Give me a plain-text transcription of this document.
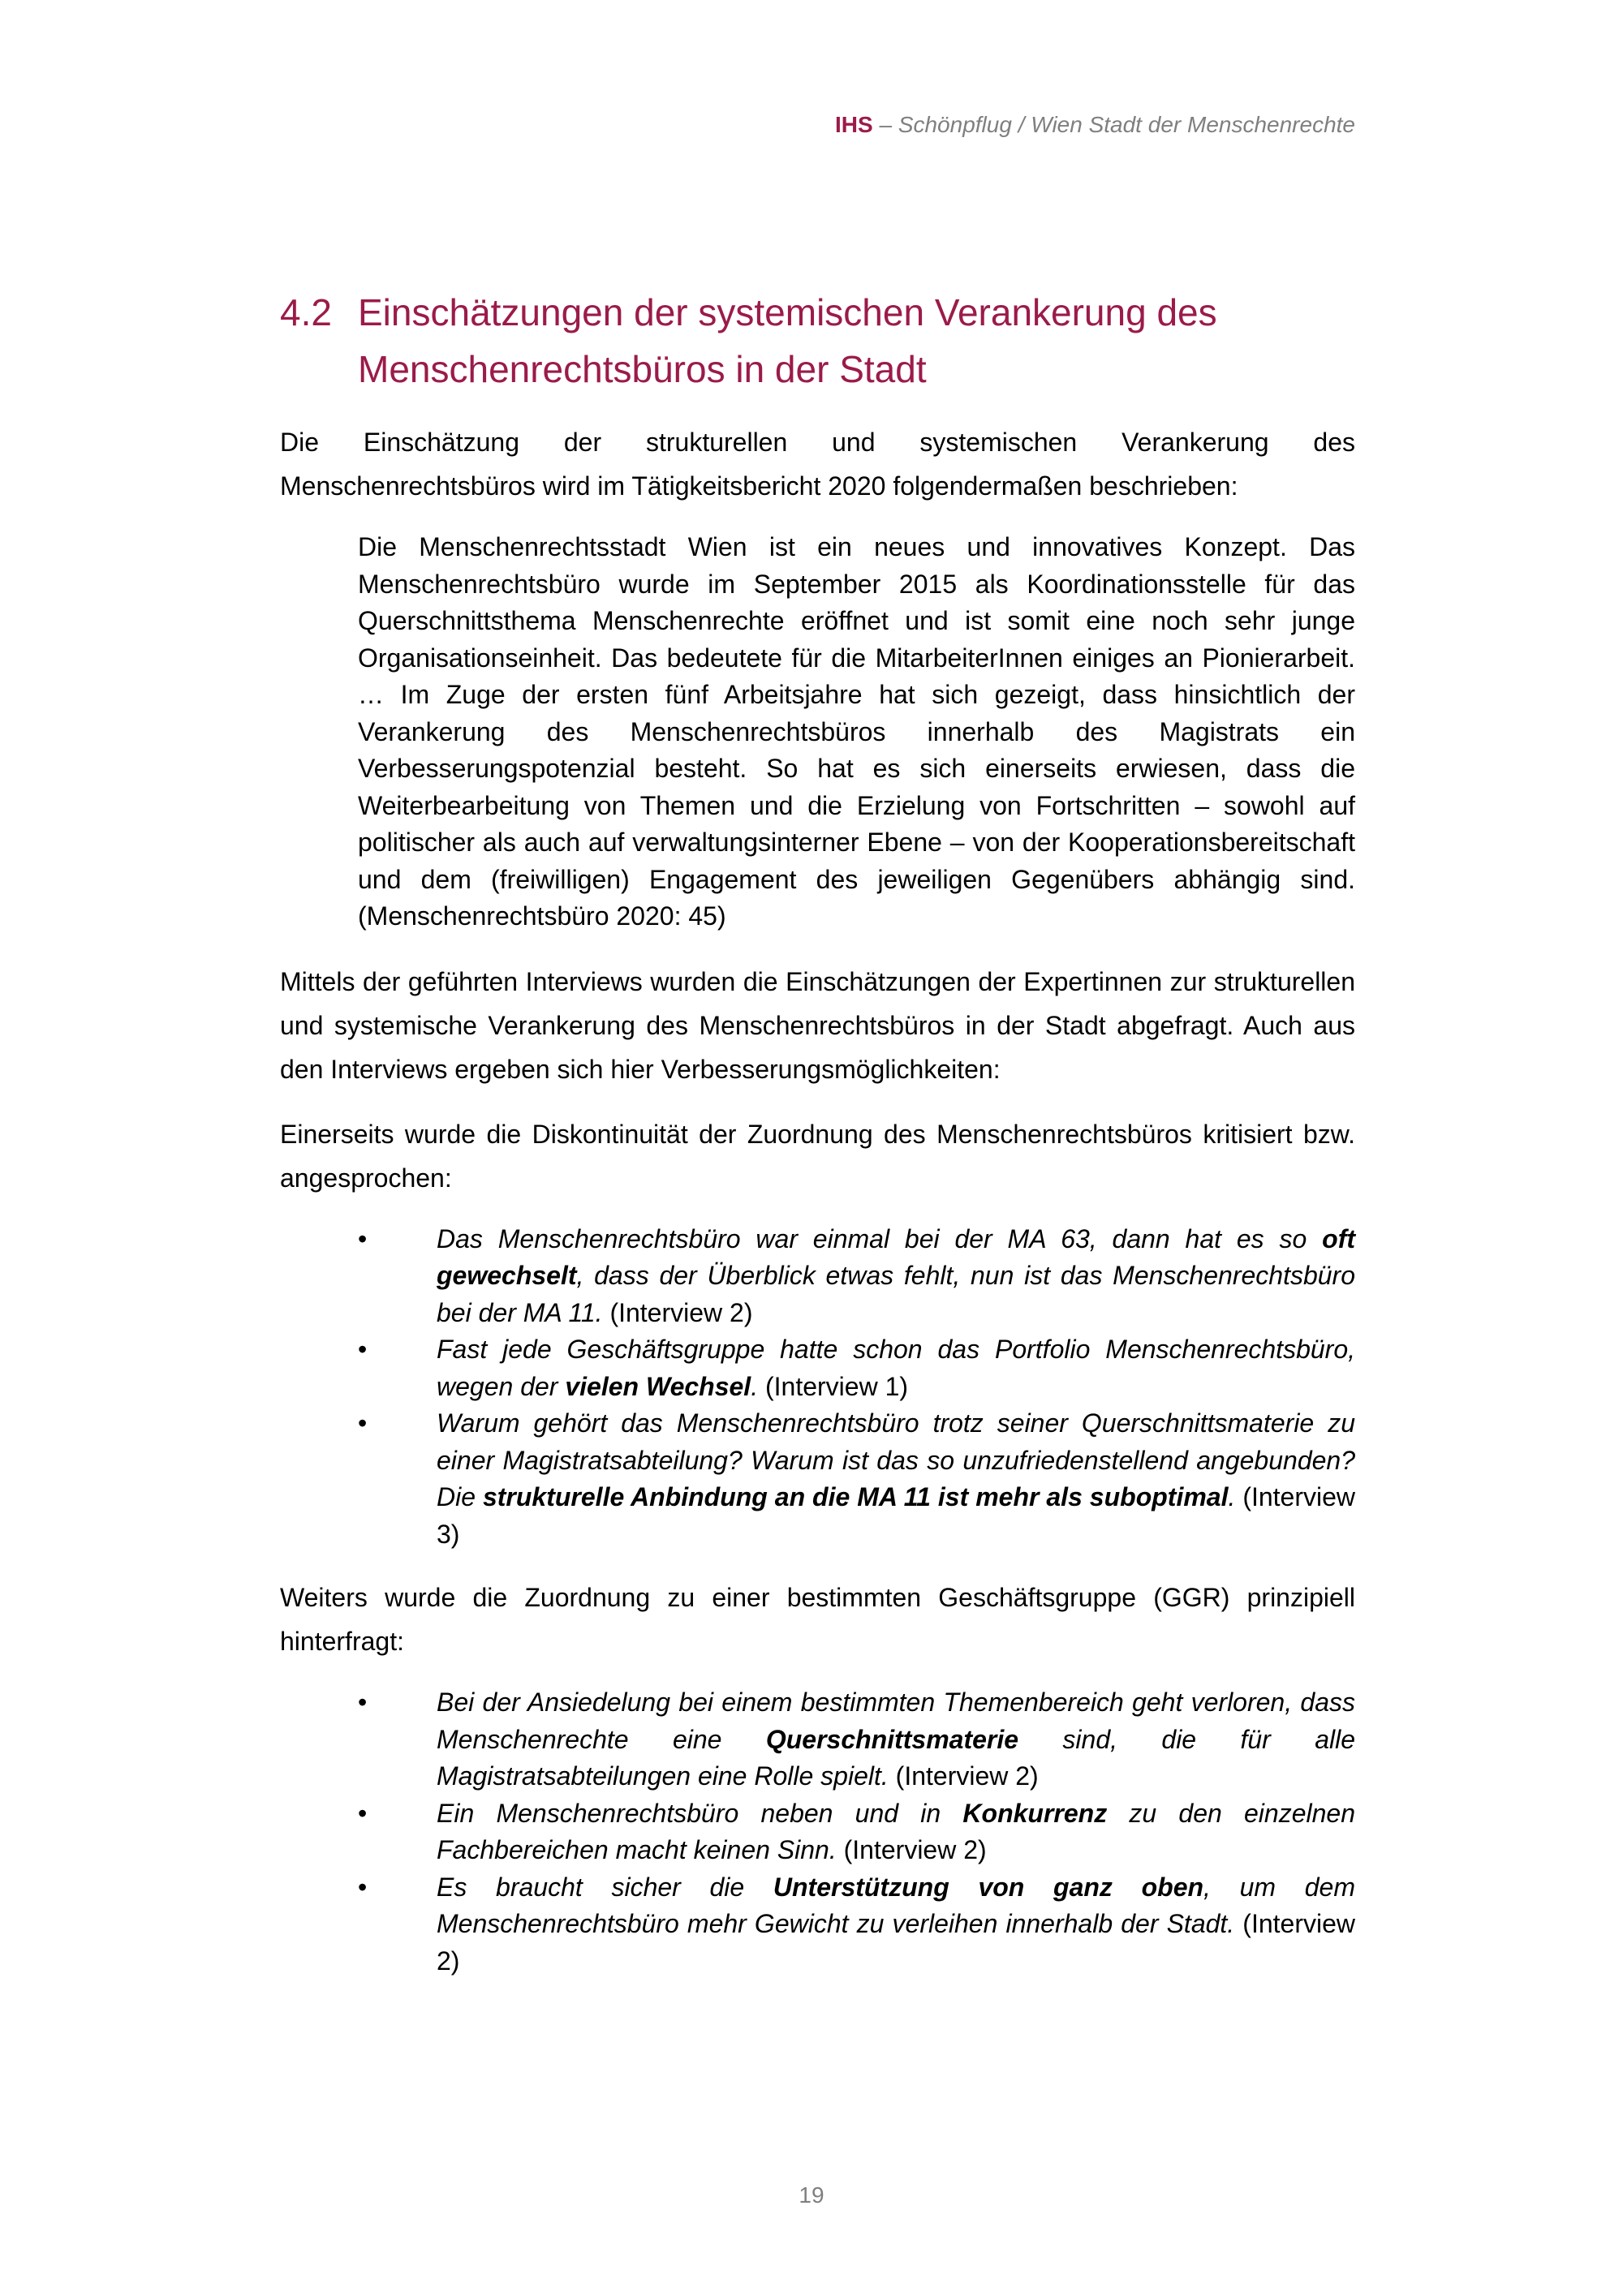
IHS – Schönpflug / Wien Stadt der Menschenrechte
4.2 Einschätzungen der systemischen Verankerung des Menschenrechtsbüros in der Stadt

Die Einschätzung der strukturellen und systemischen Verankerung des Menschenrechtsbüros wird im Tätigkeitsbericht 2020 folgendermaßen beschrieben:

Die Menschenrechtsstadt Wien ist ein neues und innovatives Konzept. Das Menschenrechtsbüro wurde im September 2015 als Koordinationsstelle für das Querschnittsthema Menschenrechte eröffnet und ist somit eine noch sehr junge Organisationseinheit. Das bedeutete für die MitarbeiterInnen einiges an Pionierarbeit. … Im Zuge der ersten fünf Arbeitsjahre hat sich gezeigt, dass hinsichtlich der Verankerung des Menschenrechtsbüros innerhalb des Magistrats ein Verbesserungspotenzial besteht. So hat es sich einerseits erwiesen, dass die Weiterbearbeitung von Themen und die Erzielung von Fortschritten – sowohl auf politischer als auch auf verwaltungsinterner Ebene – von der Kooperationsbereitschaft und dem (freiwilligen) Engagement des jeweiligen Gegenübers abhängig sind. (Menschenrechtsbüro 2020: 45)

Mittels der geführten Interviews wurden die Einschätzungen der Expertinnen zur strukturellen und systemische Verankerung des Menschenrechtsbüros in der Stadt abgefragt. Auch aus den Interviews ergeben sich hier Verbesserungsmöglichkeiten:

Einerseits wurde die Diskontinuität der Zuordnung des Menschenrechtsbüros kritisiert bzw. angesprochen:

•	Das Menschenrechtsbüro war einmal bei der MA 63, dann hat es so oft gewechselt, dass der Überblick etwas fehlt, nun ist das Menschenrechtsbüro bei der MA 11. (Interview 2)
•	Fast jede Geschäftsgruppe hatte schon das Portfolio Menschenrechtsbüro, wegen der vielen Wechsel. (Interview 1)
•	Warum gehört das Menschenrechtsbüro trotz seiner Querschnittsmaterie zu einer Magistratsabteilung? Warum ist das so unzufriedenstellend angebunden? Die strukturelle Anbindung an die MA 11 ist mehr als suboptimal. (Interview 3)

Weiters wurde die Zuordnung zu einer bestimmten Geschäftsgruppe (GGR) prinzipiell hinterfragt:

•	Bei der Ansiedelung bei einem bestimmten Themenbereich geht verloren, dass Menschenrechte eine Querschnittsmaterie sind, die für alle Magistratsabteilungen eine Rolle spielt. (Interview 2)
•	Ein Menschenrechtsbüro neben und in Konkurrenz zu den einzelnen Fachbereichen macht keinen Sinn. (Interview 2)
•	Es braucht sicher die Unterstützung von ganz oben, um dem Menschenrechtsbüro mehr Gewicht zu verleihen innerhalb der Stadt. (Interview 2)
19
